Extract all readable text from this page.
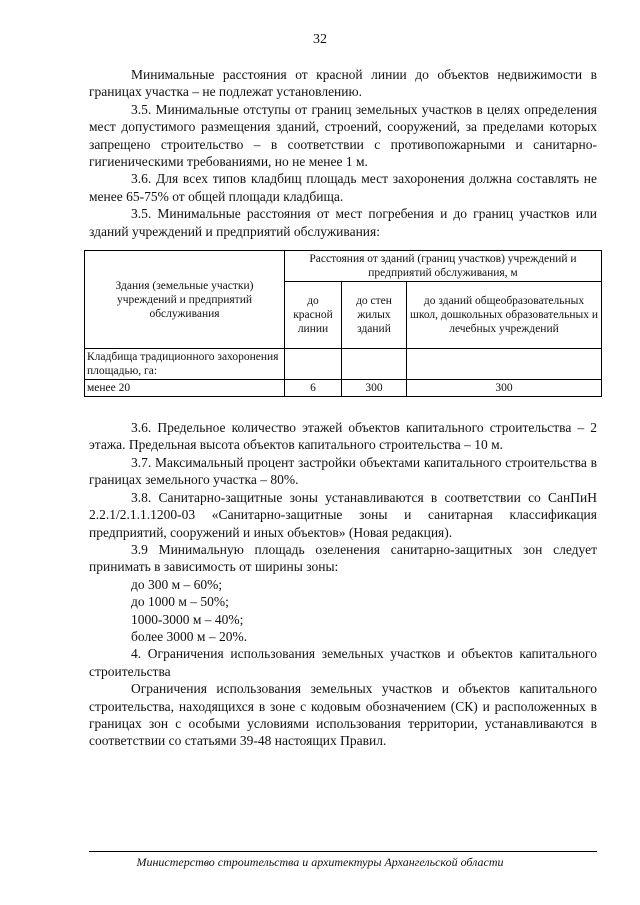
32

Минимальные расстояния от красной линии до объектов недвижимости в границах участка – не подлежат установлению.

3.5. Минимальные отступы от границ земельных участков в целях определения мест допустимого размещения зданий, строений, сооружений, за пределами которых запрещено строительство – в соответствии с противопожарными и санитарно-гигиеническими требованиями, но не менее 1 м.

3.6. Для всех типов кладбищ площадь мест захоронения должна составлять не менее 65-75% от общей площади кладбища.

3.5. Минимальные расстояния от мест погребения и до границ участков или зданий учреждений и предприятий обслуживания:

Здания (земельные участки) учреждений и предприятий обслуживания	Расстояния от зданий (границ участков) учреждений и предприятий обслуживания, м		
	до красной линии	до стен жилых зданий	до зданий общеобразовательных школ, дошкольных образовательных и лечебных учреждений
Кладбища традиционного захоронения площадью, га:			
менее 20	6	300	300

3.6. Предельное количество этажей объектов капитального строительства – 2 этажа. Предельная высота объектов капитального строительства – 10 м.

3.7. Максимальный процент застройки объектами капитального строительства в границах земельного участка – 80%.

3.8. Санитарно-защитные зоны устанавливаются в соответствии со СанПиН 2.2.1/2.1.1.1200-03 «Санитарно-защитные зоны и санитарная классификация предприятий, сооружений и иных объектов» (Новая редакция).

3.9 Минимальную площадь озеленения санитарно-защитных зон следует принимать в зависимость от ширины зоны:

до 300 м – 60%;

до 1000 м – 50%;

1000-3000 м – 40%;

более 3000 м – 20%.

4. Ограничения использования земельных участков и объектов капитального строительства

Ограничения использования земельных участков и объектов капитального строительства, находящихся в зоне с кодовым обозначением (СК) и расположенных в границах зон с особыми условиями использования территории, устанавливаются в соответствии со статьями 39-48 настоящих Правил.

Министерство строительства и архитектуры Архангельской области
